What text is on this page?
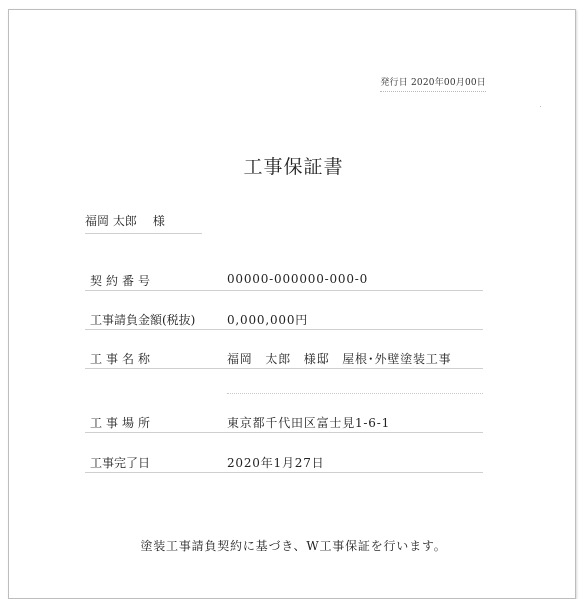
発行日 2020年00月00日
工事保証書
福岡 太郎 様
契約番号	00000-000000-000-0
工事請負金額(税抜)	0,000,000円
工事名称	福岡　太郎　様邸　屋根･外壁塗装工事
工事場所	東京都千代田区富士見1-6-1
工事完了日	2020年1月27日
塗装工事請負契約に基づき、W工事保証を行います。
